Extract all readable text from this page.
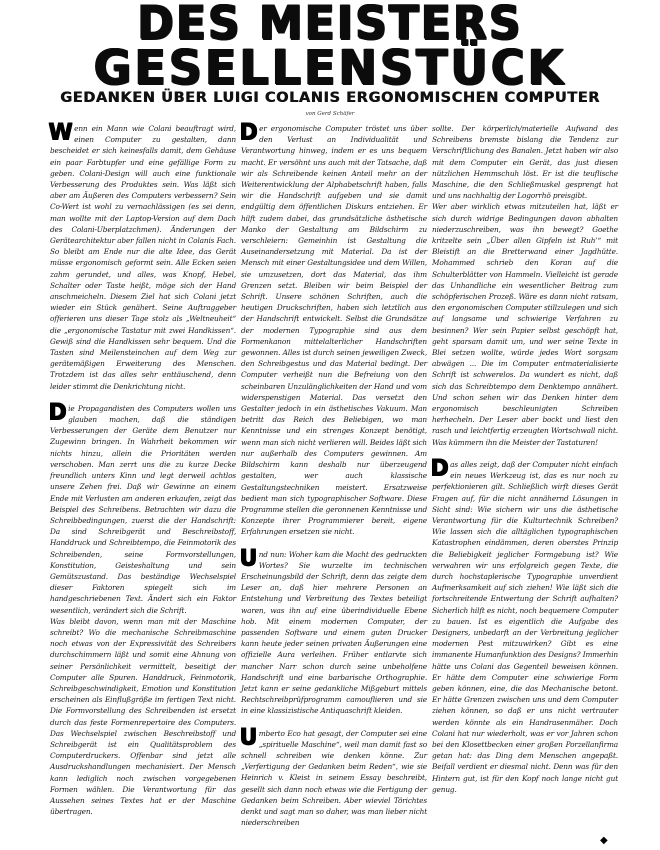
DES MEISTERS
GESELLENSTÜCK
GEDANKEN ÜBER LUIGI COLANIS ERGONOMISCHEN COMPUTER
von Gerd Schäfer

Wenn ein Mann wie Colani beauftragt wird, einen Computer zu gestalten, dann bescheidet er sich keinesfalls damit, dem Gehäuse ein paar Farbtupfer und eine gefällige Form zu geben. Colani-Design will auch eine funktionale Verbesserung des Produktes sein. Was läßt sich aber am Äußeren des Computers verbessern? Sein Co-Wert ist wohl zu vernachlässigen (es sei denn, man wollte mit der Laptop-Version auf dem Dach des Colani-Uberplatzchmen). Änderungen der Gerätearchitektur aber fallen nicht in Colanis Fach. So bleibt am Ende nur die alte Idee, das Gerät müsse ergonomisch geformt sein. Alle Ecken seien zahm gerundet, und alles, was Knopf, Hebel, Schalter oder Taste heißt, möge sich der Hand anschmeicheln. Diesem Ziel hat sich Colani jetzt wieder ein Stück genähert. Seine Auftraggeber offerieren uns dieser Tage stolz als „Weltneuheit“ die „ergonomische Tastatur mit zwei Handkissen“. Gewiß sind die Handkissen sehr bequem. Und die Tasten sind Meilensteinchen auf dem Weg zur gerätemäßigen Erweiterung des Menschen. Trotzdem ist das alles sehr enttäuschend, denn leider stimmt die Denkrichtung nicht.

Die Propagandisten des Computers wollen uns glauben machen, daß die ständigen Verbesserungen der Geräte dem Benutzer nur Zugewinn bringen. In Wahrheit bekommen wir nichts hinzu, allein die Prioritäten werden verschoben. Man zerrt uns die zu kurze Decke freundlich unters Kinn und legt derweil achtlos unsere Zehen frei. Daß wir Gewinne an einem Ende mit Verlusten am anderen erkaufen, zeigt das Beispiel des Schreibens. Betrachten wir dazu die Schreibbedingungen, zuerst die der Handschrift: Da sind Schreibgerät und Beschreibstoff, Handdruck und Schreibtempo, die Feinmotorik des Schreibenden, seine Formvorstellungen, Konstitution, Geisteshaltung und sein Gemütszustand. Das beständige Wechselspiel dieser Faktoren spiegelt sich im handgeschriebenen Text. Ändert sich ein Faktor wesentlich, verändert sich die Schrift.

Was bleibt davon, wenn man mit der Maschine schreibt? Wo die mechanische Schreibmaschine noch etwas von der Expressivität des Schreibers durchschimmern läßt und somit eine Ahnung von seiner Persönlichkeit vermittelt, beseitigt der Computer alle Spuren. Handdruck, Feinmotorik, Schreibgeschwindigkeit, Emotion und Konstitution erscheinen als Einflußgröße im fertigen Text nicht. Die Formvorstellung des Schreibenden ist ersetzt durch das feste Formenrepertoire des Computers. Das Wechselspiel zwischen Beschreibstoff und Schreibgerät ist ein Qualitätsproblem des Computerdruckers. Offenbar sind jetzt alle Ausdruckshandlungen mechanisiert. Der Mensch kann lediglich noch zwischen vorgegebenen Formen wählen. Die Verantwortung für das Aussehen seines Textes hat er der Maschine übertragen.

Der ergonomische Computer tröstet uns über den Verlust an Individualität und Verantwortung hinweg, indem er es uns bequem macht. Er versöhnt uns auch mit der Tatsache, daß wir als Schreibende keinen Anteil mehr an der Weiterentwicklung der Alphabetschrift haben, falls wir die Handschrift aufgeben und sie damit endgültig dem öffentlichen Diskurs entziehen. Er hilft zudem dabei, das grundsätzliche ästhetische Manko der Gestaltung am Bildschirm zu verschleiern: Gemeinhin ist Gestaltung die Auseinandersetzung mit Material. Da ist der Mensch mit einer Gestaltungsidee und dem Willen, sie umzusetzen, dort das Material, das ihm Grenzen setzt. Bleiben wir beim Beispiel der Schrift. Unsere schönen Schriften, auch die heutigen Druckschriften, haben sich letztlich aus der Handschrift entwickelt. Selbst die Grundsätze der modernen Typographie sind aus dem Formenkanon mittelalterlicher Handschriften gewonnen. Alles ist durch seinen jeweiligen Zweck, den Schreibgestus und das Material bedingt. Der Computer verheißt nun die Befreiung von den scheinbaren Unzulänglichkeiten der Hand und vom widerspenstigen Material. Das versetzt den Gestalter jedoch in ein ästhetisches Vakuum. Man betritt das Reich des Beliebigen, wo man Kenntnisse und ein strenges Konzept benötigt, wenn man sich nicht verlieren will. Beides läßt sich nur außerhalb des Computers gewinnen. Am Bildschirm kann deshalb nur überzeugend gestalten, wer auch klassische Gestaltungstechniken meistert. Ersatzweise bedient man sich typographischer Software. Diese Programme stellen die geronnenen Kenntnisse und Konzepte ihrer Programmierer bereit, eigene Erfahrungen ersetzen sie nicht.

Und nun: Woher kam die Macht des gedruckten Wortes? Sie wurzelte im technischen Erscheinungsbild der Schrift, denn das zeigte dem Leser an, daß hier mehrere Personen an Entstehung und Verbreitung des Textes beteiligt waren, was ihn auf eine überindividuelle Ebene hob. Mit einem modernen Computer, der passenden Software und einem guten Drucker kann heute jeder seinen privaten Äußerungen eine offizielle Aura verleihen. Früher entlarvte sich mancher Narr schon durch seine unbeholfene Handschrift und eine barbarische Orthographie. Jetzt kann er seine gedankliche Mißgeburt mittels Rechtschreibprüfprogramm camouflieren und sie in eine klassizistische Antiquaschrift kleiden.

Umberto Eco hat gesagt, der Computer sei eine „spirituelle Maschine“, weil man damit fast so schnell schreiben wie denken könne. Zur „Verfertigung der Gedanken beim Reden“, wie sie Heinrich v. Kleist in seinem Essay beschreibt, gesellt sich dann noch etwas wie die Fertigung der Gedanken beim Schreiben. Aber wieviel Törichtes denkt und sagt man so daher, was man lieber nicht niederschreiben

sollte. Der körperlich/materielle Aufwand des Schreibens bremste bislang die Tendenz zur Verschriftlichung des Banalen. Jetzt haben wir also mit dem Computer ein Gerät, das just diesen nützlichen Hemmschuh löst. Er ist die teuflische Maschine, die den Schließmuskel gesprengt hat und uns nachhaltig der Logorrhö preisgibt.

Wer aber wirklich etwas mitzuteilen hat, läßt er sich durch widrige Bedingungen davon abhalten niederzuschreiben, was ihn bewegt? Goethe kritzelte sein „Über allen Gipfeln ist Ruh’“ mit Bleistift an die Bretterwand einer Jagdhütte. Mohammed schrieb den Koran auf die Schulterblätter von Hammeln. Vielleicht ist gerade das Unhandliche ein wesentlicher Beitrag zum schöpferischen Prozeß. Wäre es dann nicht ratsam, den ergonomischen Computer stillzulegen und sich auf langsame und schwierige Verfahren zu besinnen? Wer sein Papier selbst geschöpft hat, geht sparsam damit um, und wer seine Texte in Blei setzen wollte, würde jedes Wort sorgsam abwägen ... Die im Computer entmaterialisierte Schrift ist schwerelos. Da wundert es nicht, daß sich das Schreibtempo dem Denktempo annähert. Und schon sehen wir das Denken hinter dem ergonomisch beschleunigten Schreiben herhecheln. Der Leser aber bockt und liest den rasch und leichtfertig erzeugten Wortschwall nicht. Was kümmern ihn die Meister der Tastaturen!

Das alles zeigt, daß der Computer nicht einfach ein neues Werkzeug ist, das es nur noch zu perfektionieren gilt. Schließlich wirft dieses Gerät Fragen auf, für die nicht annähernd Lösungen in Sicht sind: Wie sichern wir uns die ästhetische Verantwortung für die Kulturtechnik Schreiben? Wie lassen sich die alltäglichen typographischen Katastrophen eindämmen, deren oberstes Prinzip die Beliebigkeit jeglicher Formgebung ist? Wie verwahren wir uns erfolgreich gegen Texte, die durch hochstaplerische Typographie unverdient Aufmerksamkeit auf sich ziehen! Wie läßt sich die fortschreitende Entwertung der Schrift aufhalten? Sicherlich hilft es nicht, noch bequemere Computer zu bauen. Ist es eigentlich die Aufgabe des Designers, unbedarft an der Verbreitung jeglicher modernen Pest mitzuwirken? Gibt es eine immanente Humanfunktion des Designs? Immerhin hätte uns Colani das Gegenteil beweisen können. Er hätte dem Computer eine schwierige Form geben können, eine, die das Mechanische betont. Er hätte Grenzen zwischen uns und dem Computer ziehen können, so daß er uns nicht vertrauter werden könnte als ein Handrasenmäher. Doch Colani hat nur wiederholt, was er vor Jahren schon bei den Klosettbecken einer großen Porzellanfirma getan hat: das Ding dem Menschen angepaßt. Beifall verdient er diesmal nicht. Denn was für den Hintern gut, ist für den Kopf noch lange nicht gut genug.

◆
